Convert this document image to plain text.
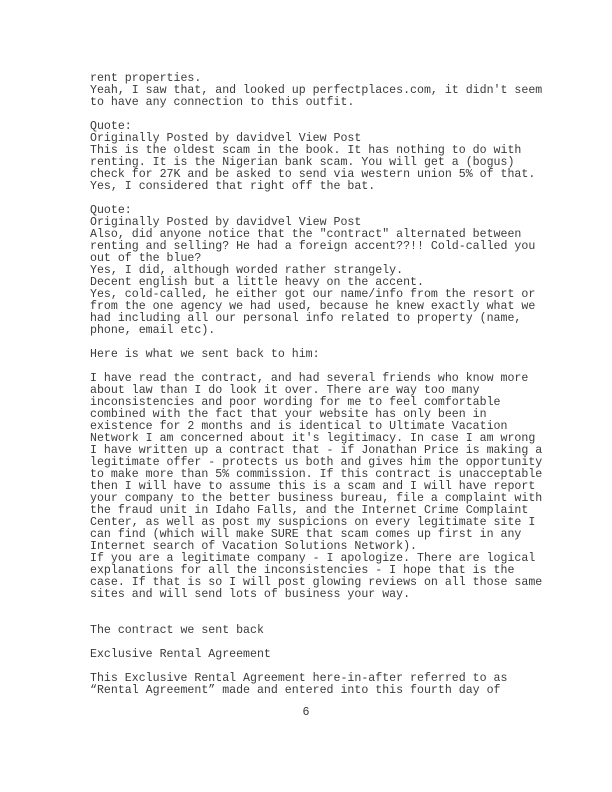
rent properties.
Yeah, I saw that, and looked up perfectplaces.com, it didn't seem
to have any connection to this outfit.
Quote:
Originally Posted by davidvel View Post
This is the oldest scam in the book. It has nothing to do with
renting. It is the Nigerian bank scam. You will get a (bogus)
check for 27K and be asked to send via western union 5% of that.
Yes, I considered that right off the bat.
Quote:
Originally Posted by davidvel View Post
Also, did anyone notice that the "contract" alternated between
renting and selling? He had a foreign accent??!! Cold-called you
out of the blue?
Yes, I did, although worded rather strangely.
Decent english but a little heavy on the accent.
Yes, cold-called, he either got our name/info from the resort or
from the one agency we had used, because he knew exactly what we
had including all our personal info related to property (name,
phone, email etc).
Here is what we sent back to him:
I have read the contract, and had several friends who know more
about law than I do look it over. There are way too many
inconsistencies and poor wording for me to feel comfortable
combined with the fact that your website has only been in
existence for 2 months and is identical to Ultimate Vacation
Network I am concerned about it's legitimacy. In case I am wrong
I have written up a contract that - if Jonathan Price is making a
legitimate offer - protects us both and gives him the opportunity
to make more than 5% commission. If this contract is unacceptable
then I will have to assume this is a scam and I will have report
your company to the better business bureau, file a complaint with
the fraud unit in Idaho Falls, and the Internet Crime Complaint
Center, as well as post my suspicions on every legitimate site I
can find (which will make SURE that scam comes up first in any
Internet search of Vacation Solutions Network).
If you are a legitimate company - I apologize. There are logical
explanations for all the inconsistencies - I hope that is the
case. If that is so I will post glowing reviews on all those same
sites and will send lots of business your way.
The contract we sent back
Exclusive Rental Agreement
This Exclusive Rental Agreement here-in-after referred to as
“Rental Agreement” made and entered into this fourth day of
6
